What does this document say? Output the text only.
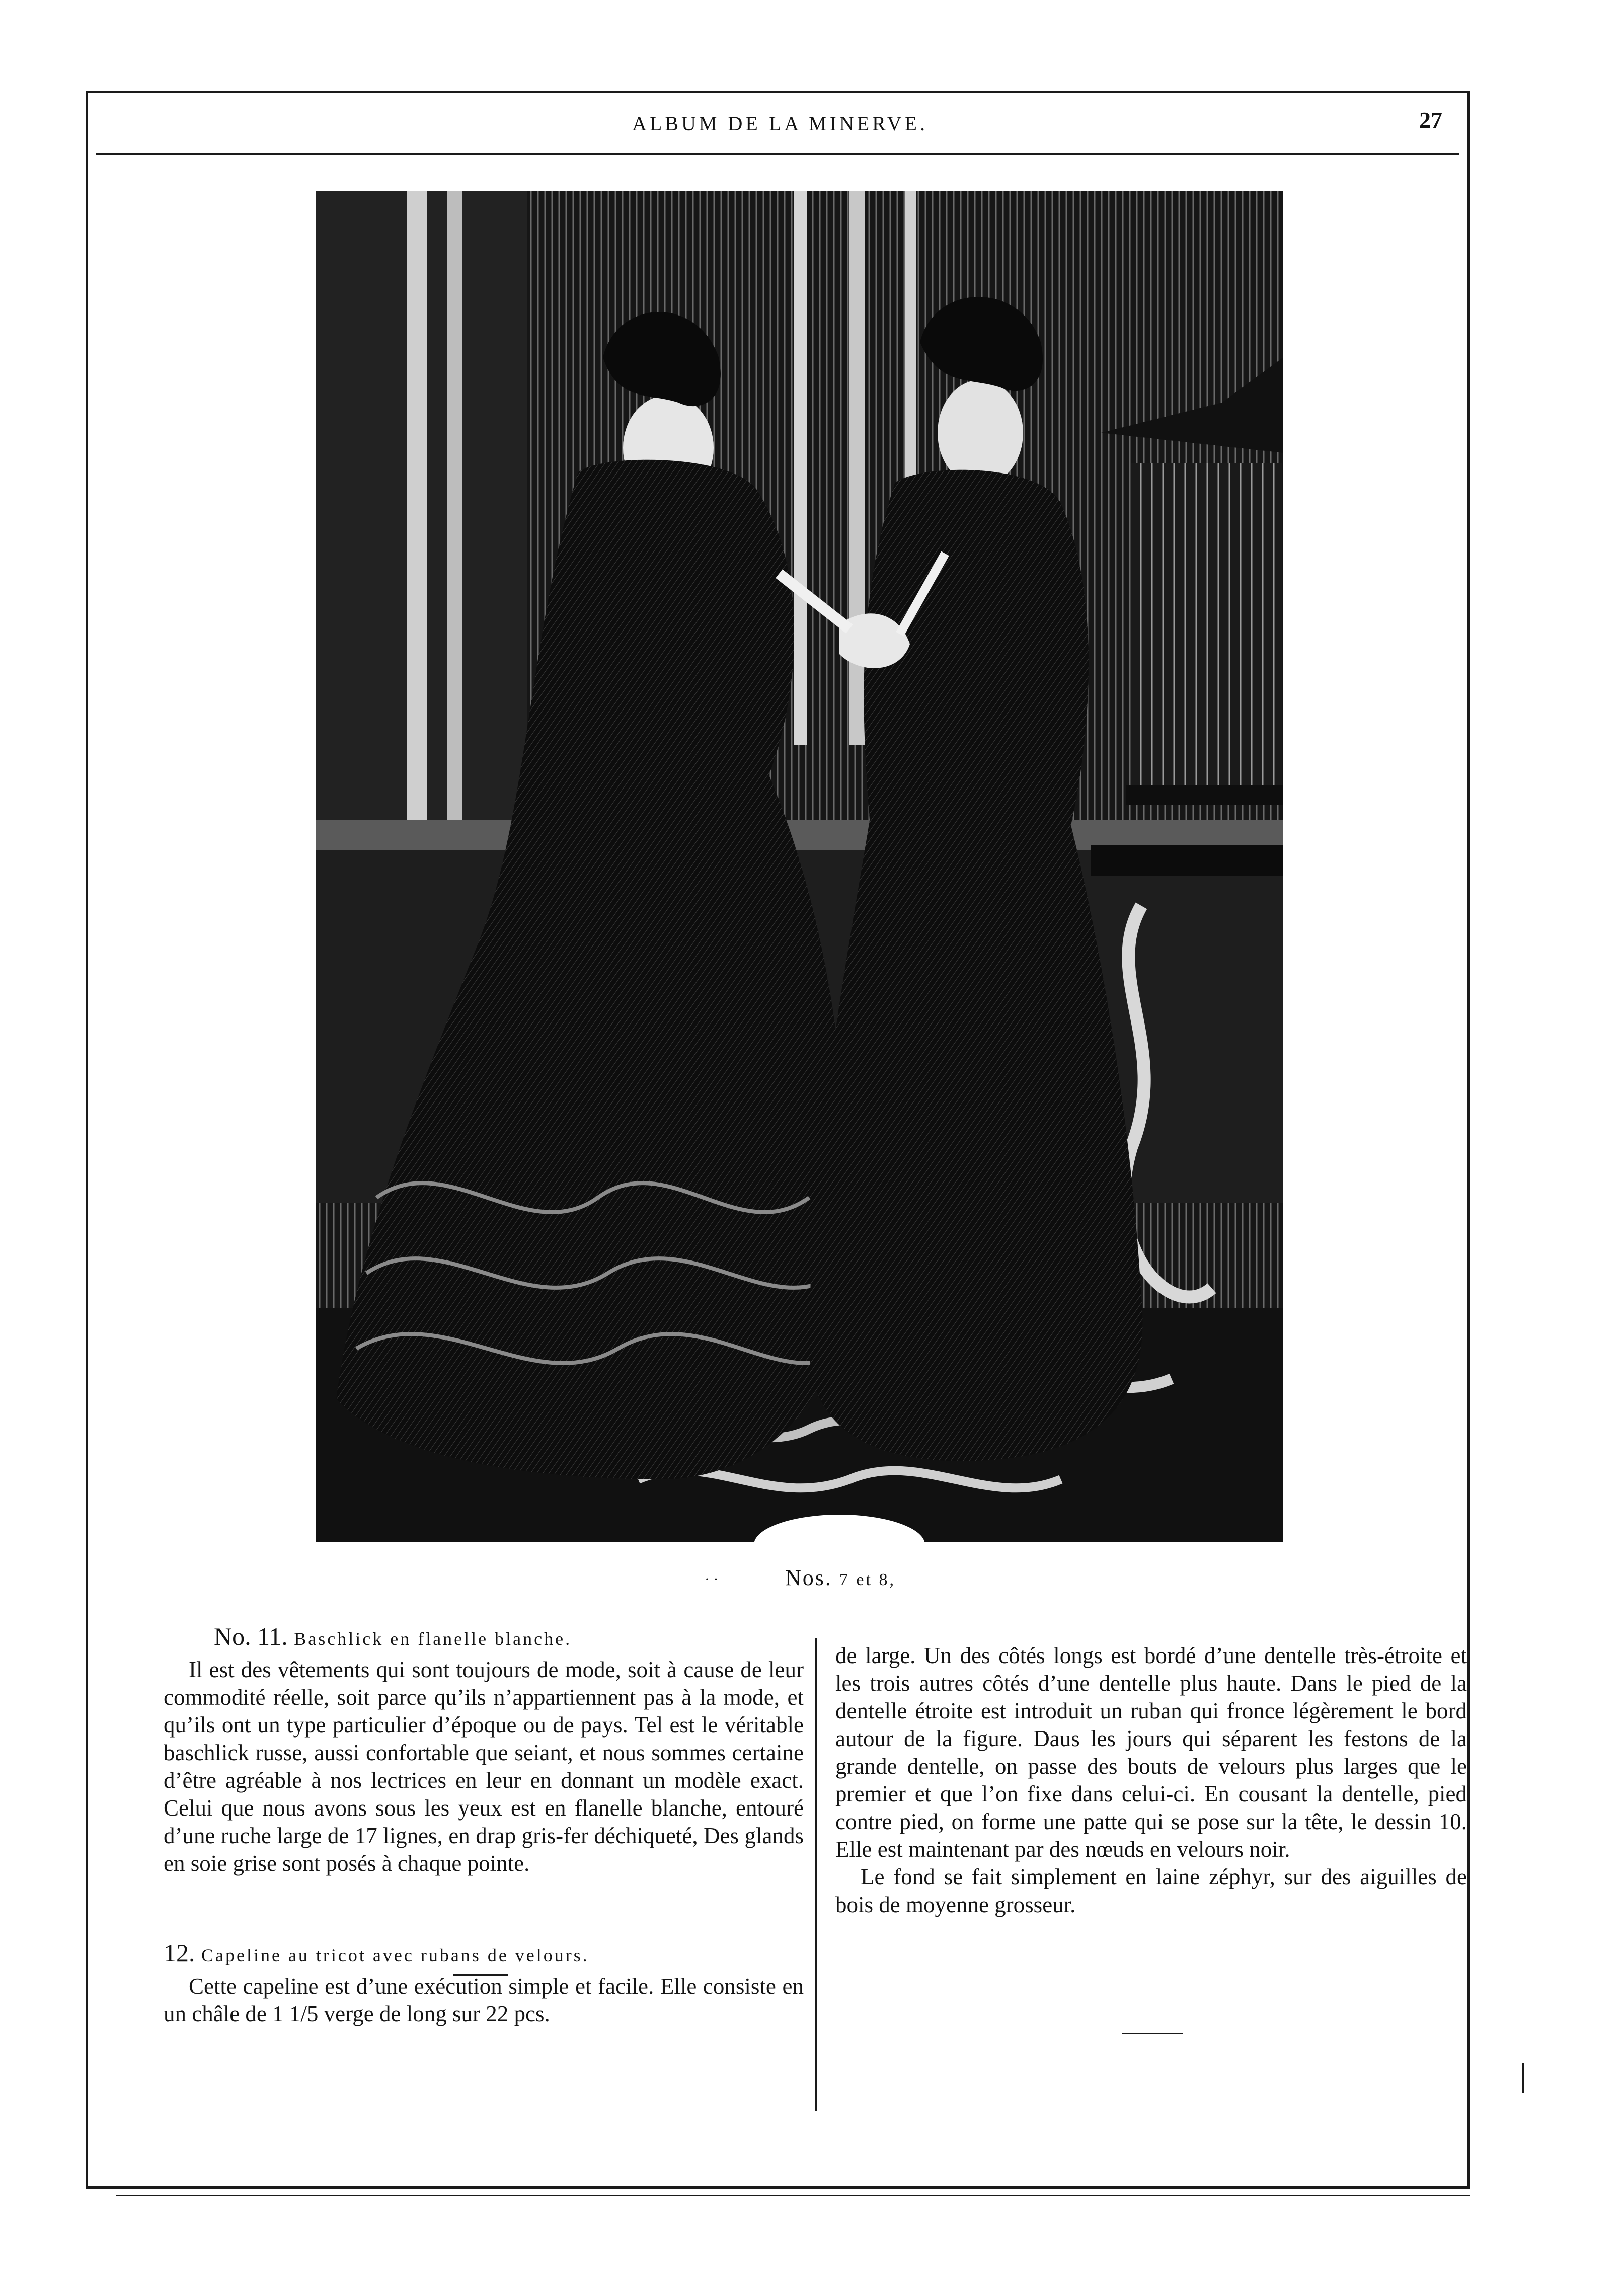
ALBUM DE LA MINERVE.	27
· ·	Nos. 7 et 8,
No. 11. Baschlick en flanelle blanche.

Il est des vêtements qui sont toujours de mode, soit à cause de leur commodité réelle, soit parce qu’ils n’appartiennent pas à la mode, et qu’ils ont un type particulier d’époque ou de pays. Tel est le véritable baschlick russe, aussi confortable que seiant, et nous sommes certaine d’être agréable à nos lectrices en leur en donnant un modèle exact. Celui que nous avons sous les yeux est en flanelle blanche, entouré d’une ruche large de 17 lignes, en drap gris-fer déchiqueté, Des glands en soie grise sont posés à chaque pointe.

12. Capeline au tricot avec rubans de velours.

Cette capeline est d’une exécution simple et facile. Elle consiste en un châle de 1 1/5 verge de long sur 22 pcs.

de large. Un des côtés longs est bordé d’une dentelle très-étroite et les trois autres côtés d’une dentelle plus haute. Dans le pied de la dentelle étroite est introduit un ruban qui fronce légèrement le bord autour de la figure. Daus les jours qui séparent les festons de la grande dentelle, on passe des bouts de velours plus larges que le premier et que l’on fixe dans celui-ci. En cousant la dentelle, pied contre pied, on forme une patte qui se pose sur la tête, le dessin 10. Elle est maintenant par des nœuds en velours noir.

Le fond se fait simplement en laine zéphyr, sur des aiguilles de bois de moyenne grosseur.
